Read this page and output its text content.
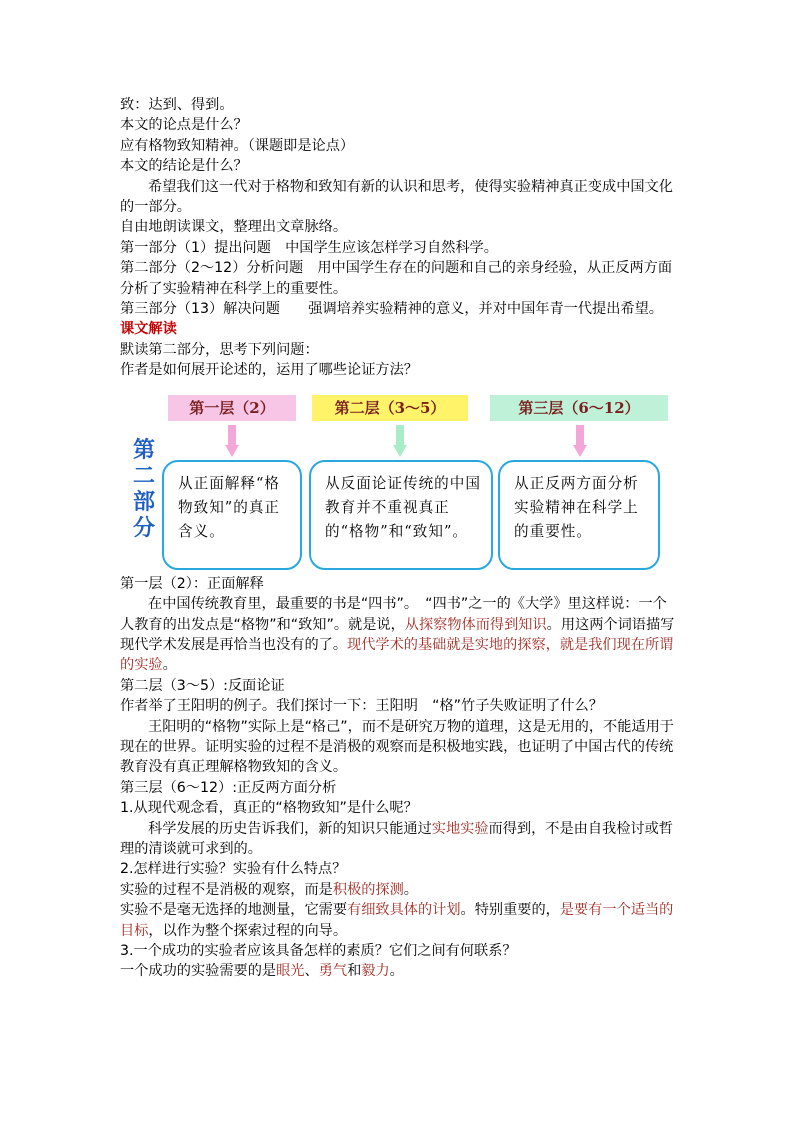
致：达到、得到。

本文的论点是什么？

应有格物致知精神。（课题即是论点）

本文的结论是什么？

希望我们这一代对于格物和致知有新的认识和思考，使得实验精神真正变成中国文化的一部分。

自由地朗读课文，整理出文章脉络。

第一部分（1）提出问题　中国学生应该怎样学习自然科学。

第二部分（2～12）分析问题　用中国学生存在的问题和自己的亲身经验，从正反两方面分析了实验精神在科学上的重要性。

第三部分（13）解决问题　　强调培养实验精神的意义，并对中国年青一代提出希望。

课文解读

默读第二部分，思考下列问题：

作者是如何展开论述的，运用了哪些论证方法？

第二部分
第一层（2）	第二层（3～5）	第三层（6～12）
从正面解释“格物致知”的真正含义。
从反面论证传统的中国教育并不重视真正的“格物”和“致知”。
从正反两方面分析实验精神在科学上的重要性。

第一层（2）：正面解释

在中国传统教育里，最重要的书是“四书”。　“四书”之一的《大学》里这样说：一个人教育的出发点是“格物”和“致知”。就是说，从探察物体而得到知识。用这两个词语描写现代学术发展是再恰当也没有的了。现代学术的基础就是实地的探察，就是我们现在所谓的实验。

第二层（3～5）:反面论证

作者举了王阳明的例子。我们探讨一下：王阳明　“格”竹子失败证明了什么？

王阳明的“格物”实际上是“格己”，而不是研究万物的道理，这是无用的，不能适用于现在的世界。证明实验的过程不是消极的观察而是积极地实践，也证明了中国古代的传统教育没有真正理解格物致知的含义。

第三层（6～12）:正反两方面分析

1.从现代观念看，真正的“格物致知”是什么呢？

科学发展的历史告诉我们，新的知识只能通过实地实验而得到，不是由自我检讨或哲理的清谈就可求到的。

2.怎样进行实验？实验有什么特点？

实验的过程不是消极的观察，而是积极的探测。

实验不是毫无选择的地测量，它需要有细致具体的计划。特别重要的，是要有一个适当的目标，以作为整个探索过程的向导。

3.一个成功的实验者应该具备怎样的素质？它们之间有何联系？

一个成功的实验需要的是眼光、勇气和毅力。
